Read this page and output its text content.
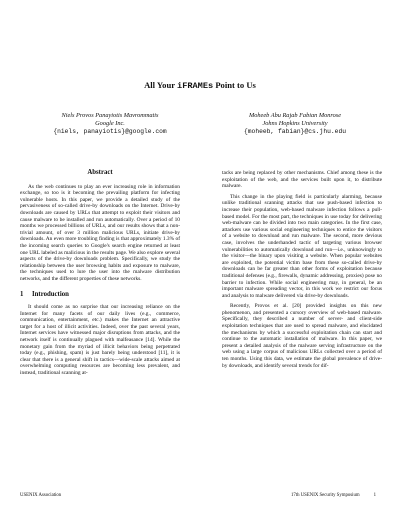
All Your iFRAMEs Point to Us
Niels Provos Panayiotis Mavrommatis
Google Inc.
{niels, panayiotis}@google.com
Moheeb Abu Rajab Fabian Monrose
Johns Hopkins University
{moheeb, fabian}@cs.jhu.edu
Abstract

As the web continues to play an ever increasing role in information exchange, so too is it becoming the prevailing platform for infecting vulnerable hosts. In this paper, we provide a detailed study of the pervasiveness of so-called drive-by downloads on the Internet. Drive-by downloads are caused by URLs that attempt to exploit their visitors and cause malware to be installed and run automatically. Over a period of 10 months we processed billions of URLs, and our results shows that a non-trivial amount, of over 3 million malicious URLs, initiate drive-by downloads. An even more troubling finding is that approximately 1.3% of the incoming search queries to Google's search engine returned at least one URL labeled as malicious in the results page. We also explore several aspects of the drive-by downloads problem. Specifically, we study the relationship between the user browsing habits and exposure to malware, the techniques used to lure the user into the malware distribution networks, and the different properties of these networks.

1 Introduction

It should come as no surprise that our increasing reliance on the Internet for many facets of our daily lives (e.g., commerce, communication, entertainment, etc.) makes the Internet an attractive target for a host of illicit activities. Indeed, over the past several years, Internet services have witnessed major disruptions from attacks, and the network itself is continually plagued with malfeasance [14]. While the monetary gain from the myriad of illicit behaviors being perpetrated today (e.g., phishing, spam) is just barely being understood [11], it is clear that there is a general shift in tactics—wide-scale attacks aimed at overwhelming computing resources are becoming less prevalent, and instead, traditional scanning at-

tacks are being replaced by other mechanisms. Chief among these is the exploitation of the web, and the services built upon it, to distribute malware.

This change in the playing field is particularly alarming, because unlike traditional scanning attacks that use push-based infection to increase their population, web-based malware infection follows a pull-based model. For the most part, the techniques in use today for delivering web-malware can be divided into two main categories. In the first case, attackers use various social engineering techniques to entice the visitors of a website to download and run malware. The second, more devious case, involves the underhanded tactic of targeting various browser vulnerabilities to automatically download and run—i.e., unknowingly to the visitor—the binary upon visiting a website. When popular websites are exploited, the potential victim base from these so-called drive-by downloads can be far greater than other forms of exploitation because traditional defenses (e.g., firewalls, dynamic addressing, proxies) pose no barrier to infection. While social engineering may, in general, be an important malware spreading vector, in this work we restrict our focus and analysis to malware delivered via drive-by downloads.

Recently, Provos et al. [20] provided insights on this new phenomenon, and presented a cursory overview of web-based malware. Specifically, they described a number of server- and client-side exploitation techniques that are used to spread malware, and elucidated the mechanisms by which a successful exploitation chain can start and continue to the automatic installation of malware. In this paper, we present a detailed analysis of the malware serving infrastructure on the web using a large corpus of malicious URLs collected over a period of ten months. Using this data, we estimate the global prevalence of drive-by downloads, and identify several trends for dif-

USENIX Association	17th USENIX Security Symposium	1
